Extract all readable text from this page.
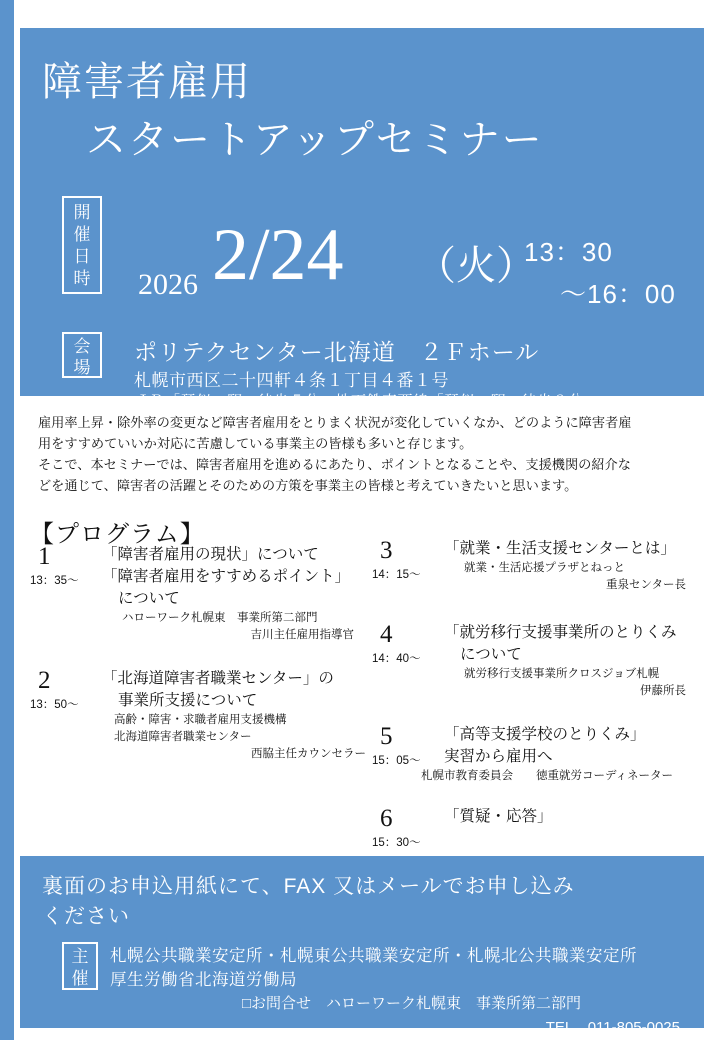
障害者雇用
スタートアップセミナー
開
催
日
時	2026 2/24 （火）
13：30
～16：00
会
場
ポリテクセンター北海道　２Ｆホール
札幌市西区二十四軒４条１丁目４番１号
ＪＲ「琴似」駅　徒歩５分　地下鉄東西線「琴似」駅　徒歩８分

雇用率上昇・除外率の変更など障害者雇用をとりまく状況が変化していくなか、どのように障害者雇

用をすすめていいか対応に苦慮している事業主の皆様も多いと存じます。

そこで、本セミナーでは、障害者雇用を進めるにあたり、ポイントとなることや、支援機関の紹介な

どを通じて、障害者の活躍とそのための方策を事業主の皆様と考えていきたいと思います。

【プログラム】
1
13：35～
「障害者雇用の現状」について
「障害者雇用をすすめるポイント」
について
ハローワーク札幌東　事業所第二部門
吉川主任雇用指導官
2
13：50～
「北海道障害者職業センター」の
事業所支援について
高齢・障害・求職者雇用支援機構
北海道障害者職業センター
西脇主任カウンセラー
3
14：15～
「就業・生活支援センターとは」
就業・生活応援プラザとねっと
重泉センター長
4
14：40～
「就労移行支援事業所のとりくみ
について
就労移行支援事業所クロスジョブ札幌
伊藤所長
5
15：05～
「高等支援学校のとりくみ」
実習から雇用へ
札幌市教育委員会　　徳重就労コーディネーター
6
15：30～
「質疑・応答」
裏面のお申込用紙にて、FAX 又はメールでお申し込み
ください
主
催
札幌公共職業安定所・札幌東公共職業安定所・札幌北公共職業安定所
厚生労働省北海道労働局
□お問合せ　ハローワーク札幌東　事業所第二部門
TEL　011-805-0025
